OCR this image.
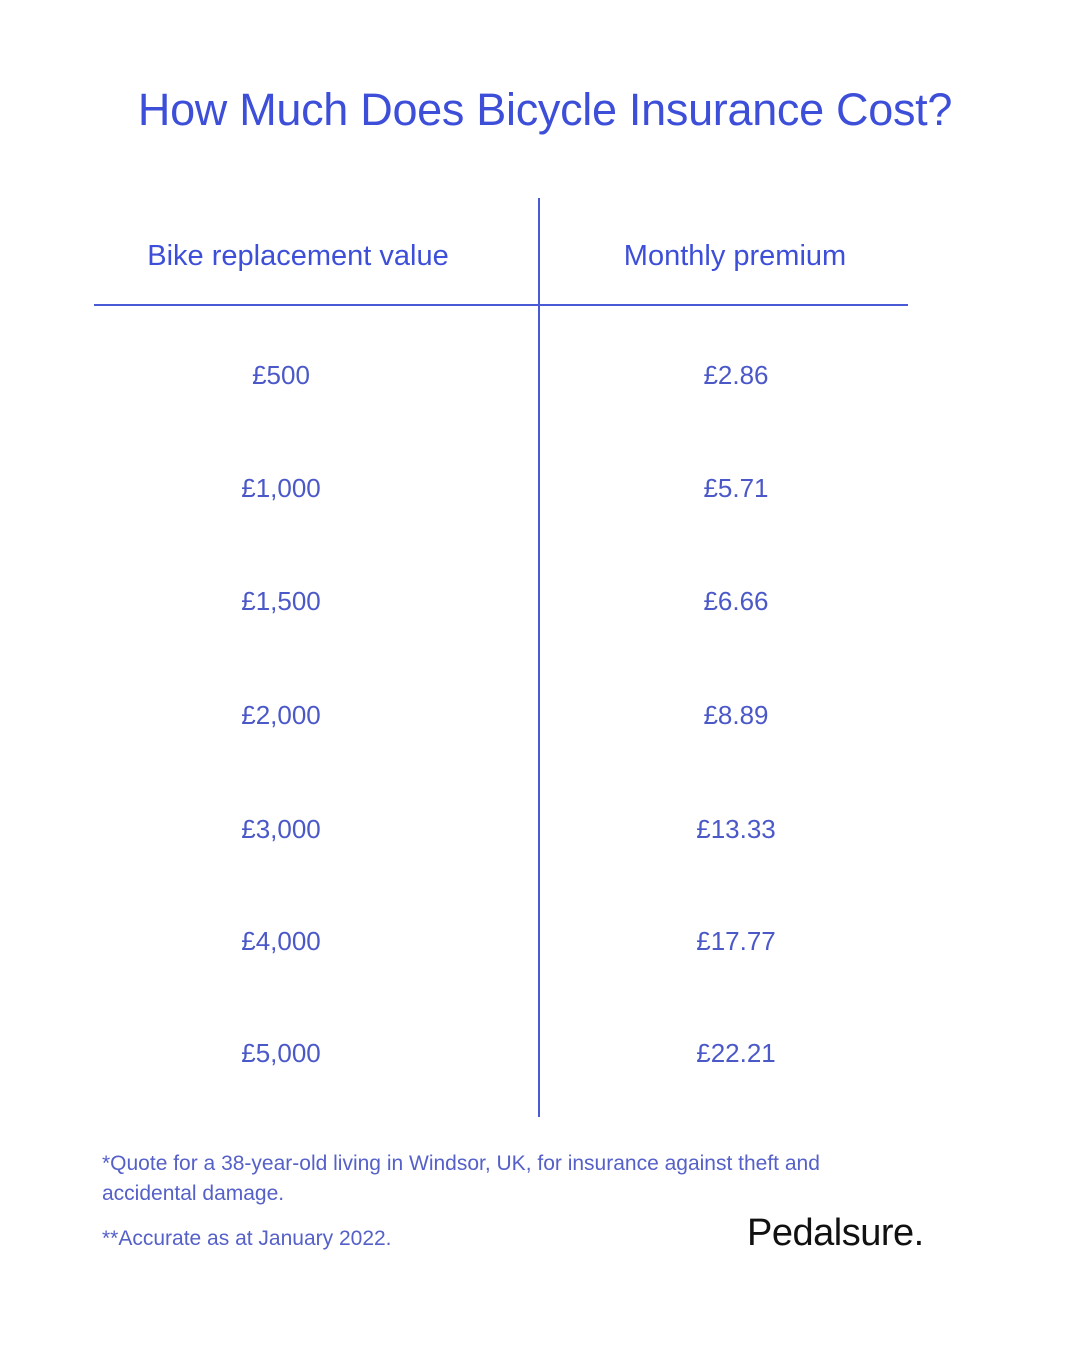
How Much Does Bicycle Insurance Cost?
Bike replacement value	Monthly premium
£500	£2.86
£1,000	£5.71
£1,500	£6.66
£2,000	£8.89
£3,000	£13.33
£4,000	£17.77
£5,000	£22.21
*Quote for a 38-year-old living in Windsor, UK, for insurance against theft and accidental damage.
**Accurate as at January 2022.	Pedalsure.
